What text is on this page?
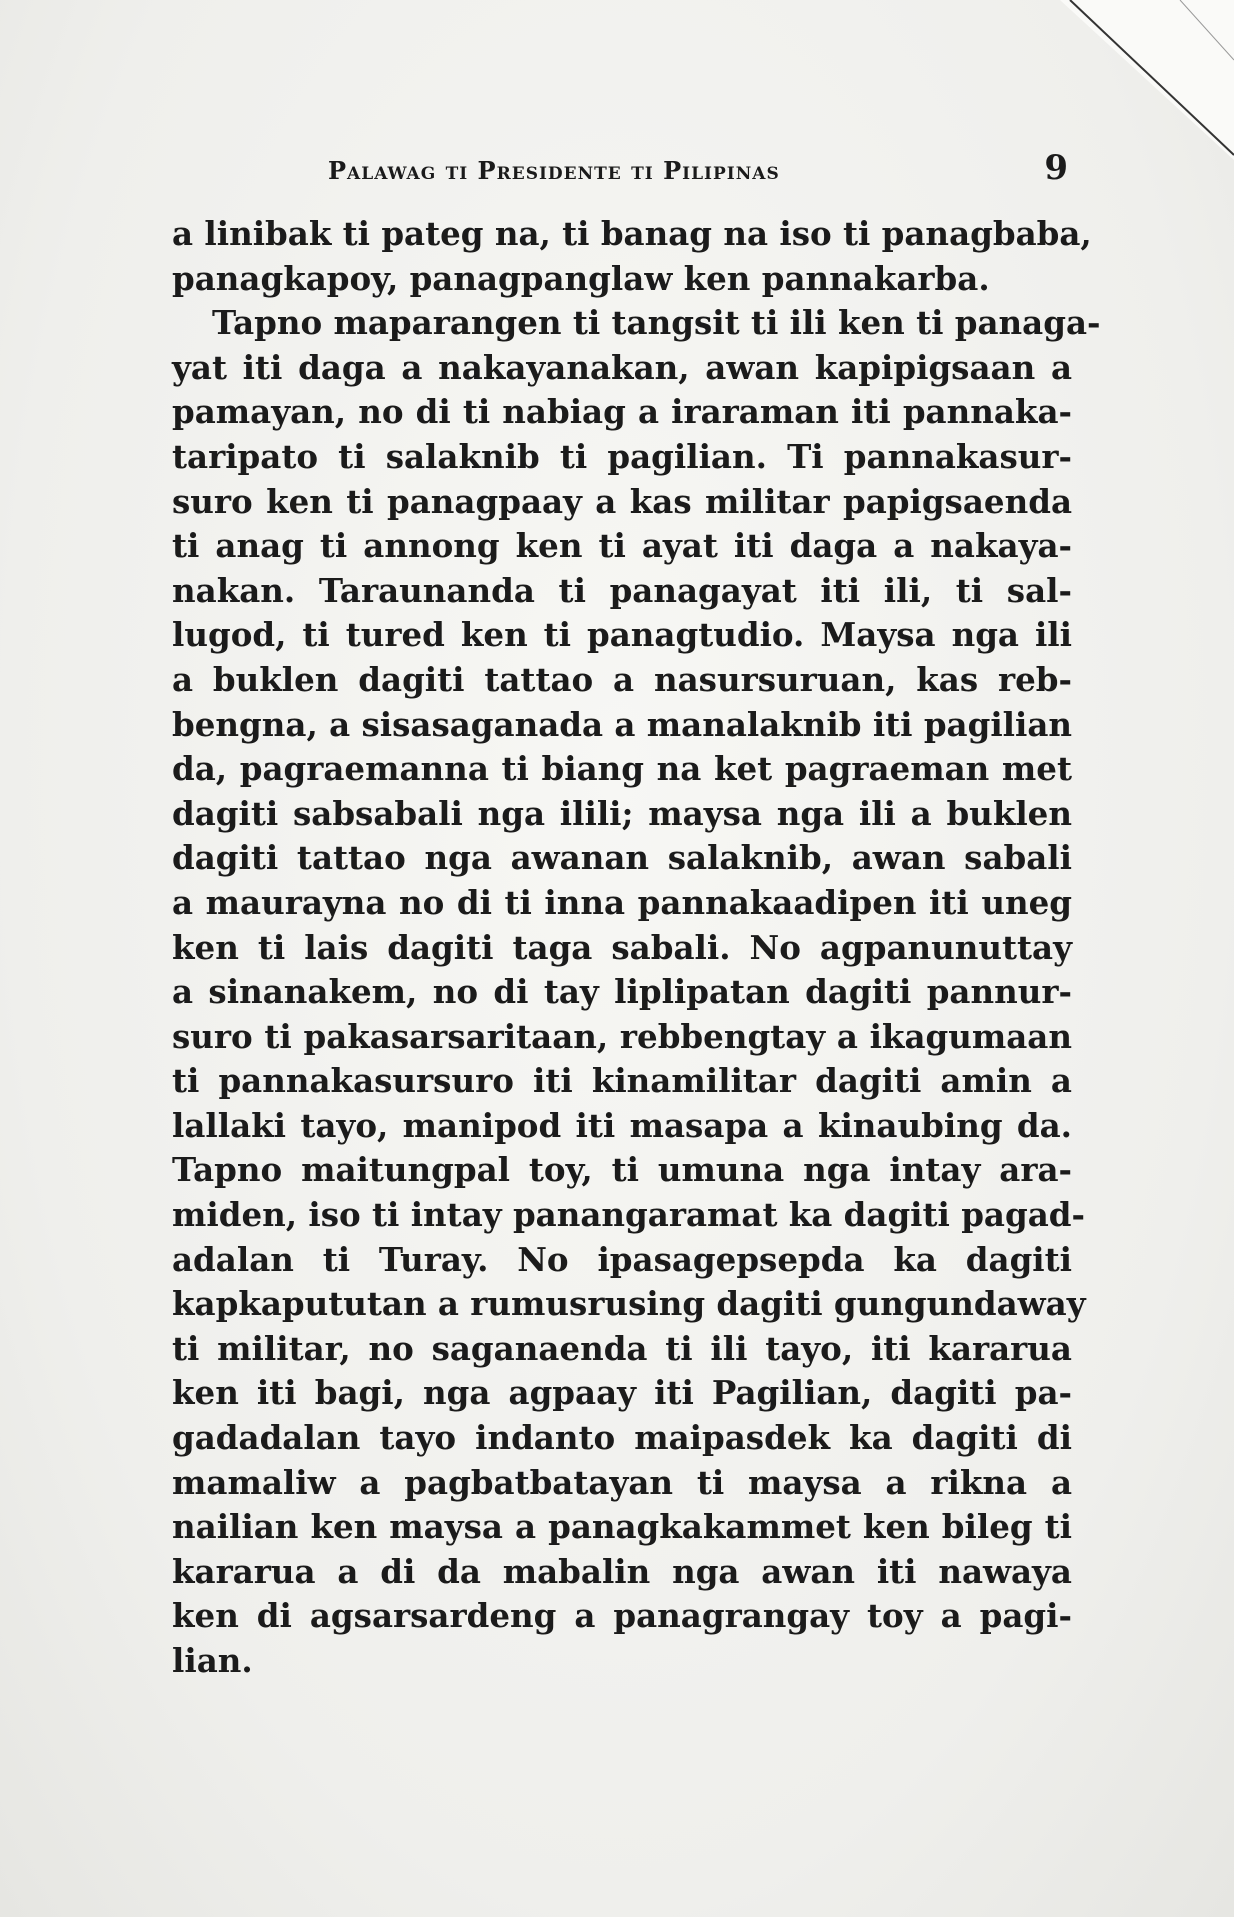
Palawag ti Presidente ti Pilipinas	9
a linibak ti pateg na, ti banag na iso ti panagbaba,
panagkapoy, panagpanglaw ken pannakarba.
Tapno maparangen ti tangsit ti ili ken ti panaga-
yat iti daga a nakayanakan, awan kapipigsaan a
pamayan, no di ti nabiag a iraraman iti pannaka-
taripato ti salaknib ti pagilian. Ti pannakasur-
suro ken ti panagpaay a kas militar papigsaenda
ti anag ti annong ken ti ayat iti daga a nakaya-
nakan. Taraunanda ti panagayat iti ili, ti sal-
lugod, ti tured ken ti panagtudio. Maysa nga ili
a buklen dagiti tattao a nasursuruan, kas reb-
bengna, a sisasaganada a manalaknib iti pagilian
da, pagraemanna ti biang na ket pagraeman met
dagiti sabsabali nga ilili; maysa nga ili a buklen
dagiti tattao nga awanan salaknib, awan sabali
a maurayna no di ti inna pannakaadipen iti uneg
ken ti lais dagiti taga sabali. No agpanunuttay
a sinanakem, no di tay liplipatan dagiti pannur-
suro ti pakasarsaritaan, rebbengtay a ikagumaan
ti pannakasursuro iti kinamilitar dagiti amin a
lallaki tayo, manipod iti masapa a kinaubing da.
Tapno maitungpal toy, ti umuna nga intay ara-
miden, iso ti intay panangaramat ka dagiti pagad-
adalan ti Turay. No ipasagepsepda ka dagiti
kapkapututan a rumusrusing dagiti gungundaway
ti militar, no saganaenda ti ili tayo, iti kararua
ken iti bagi, nga agpaay iti Pagilian, dagiti pa-
gadadalan tayo indanto maipasdek ka dagiti di
mamaliw a pagbatbatayan ti maysa a rikna a
nailian ken maysa a panagkakammet ken bileg ti
kararua a di da mabalin nga awan iti nawaya
ken di agsarsardeng a panagrangay toy a pagi-
lian.
